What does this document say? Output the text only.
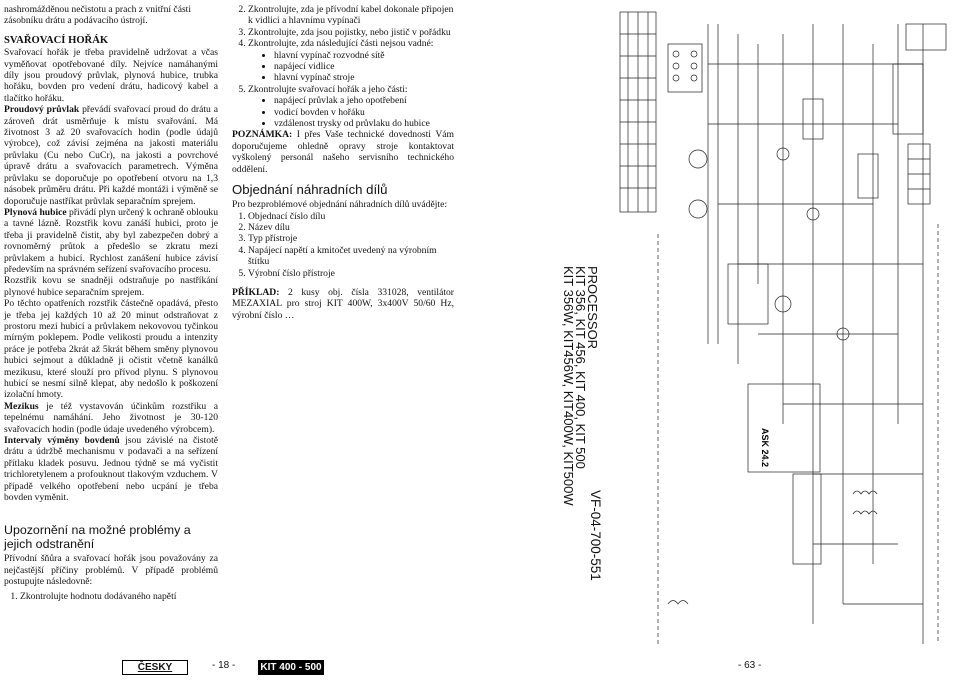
nashromážděnou nečistotu a prach z vnitřní části

zásobníku drátu a podávacího ústrojí.

SVAŘOVACÍ HOŘÁK

Svařovací hořák je třeba pravidelně udržovat a včas vyměňovat opotřebované díly. Nejvíce namáhanými díly jsou proudový průvlak, plynová hubice, trubka hořáku, bovden pro vedení drátu, hadicový kabel a tlačítko hořáku.

Proudový průvlak převádí svařovací proud do drátu a zároveň drát usměrňuje k místu svařování. Má životnost 3 až 20 svařovacích hodin (podle údajů výrobce), což závisí zejména na jakosti materiálu průvlaku (Cu nebo CuCr), na jakosti a povrchové úpravě drátu a svařovacích parametrech. Výměna průvlaku se doporučuje po opotřebení otvoru na 1,3 násobek průměru drátu. Při každé montáži i výměně se doporučuje nastříkat průvlak separačním sprejem.

Plynová hubice přivádí plyn určený k ochraně oblouku a tavné lázně. Rozstřik kovu zanáší hubici, proto je třeba ji pravidelně čistit, aby byl zabezpečen dobrý a rovnoměrný průtok a předešlo se zkratu mezi průvlakem a hubicí. Rychlost zanášení hubice závisí především na správném seřízení svařovacího procesu.

Rozstřik kovu se snadněji odstraňuje po nastříkání plynové hubice separačním sprejem.

Po těchto opatřeních rozstřik částečně opadává, přesto je třeba jej každých 10 až 20 minut odstraňovat z prostoru mezi hubicí a průvlakem nekovovou tyčinkou mírným poklepem. Podle velikosti proudu a intenzity práce je potřeba 2krát až 5krát během směny plynovou hubici sejmout a důkladně ji očistit včetně kanálků mezikusu, které slouží pro přívod plynu. S plynovou hubicí se nesmí silně klepat, aby nedošlo k poškození izolační hmoty.

Mezikus je též vystavován účinkům rozstřiku a tepelnému namáhání. Jeho životnost je 30-120 svařovacích hodin (podle údaje uvedeného výrobcem).

Intervaly výměny bovdenů jsou závislé na čistotě drátu a údržbě mechanismu v podavači a na seřízení přítlaku kladek posuvu. Jednou týdně se má vyčistit trichloretylenem a profouknout tlakovým vzduchem. V případě velkého opotřebení nebo ucpání je třeba bovden vyměnit.

Upozornění na možné problémy a jejich odstranění

Přívodní šňůra a svařovací hořák jsou považovány za nejčastější příčiny problémů. V případě problémů postupujte následovně:

1. Zkontrolujte hodnotu dodávaného napětí
2. Zkontrolujte, zda je přívodní kabel dokonale připojen k vidlici a hlavnímu vypínači
3. Zkontrolujte, zda jsou pojistky, nebo jistič v pořádku
4. Zkontrolujte, zda následující části nejsou vadné:
• hlavní vypínač rozvodné sítě
• napájecí vidlice
• hlavní vypínač stroje
5. Zkontrolujte svařovací hořák a jeho části:
• napájecí průvlak a jeho opotřebení
• vodicí bovden v hořáku
• vzdálenost trysky od průvlaku do hubice

POZNÁMKA: I přes Vaše technické dovednosti Vám doporučujeme ohledně opravy stroje kontaktovat vyškolený personál našeho servisního technického oddělení.

Objednání náhradních dílů

Pro bezproblémové objednání náhradních dílů uvádějte:

1. Objednací číslo dílu
2. Název dílu
3. Typ přístroje
4. Napájecí napětí a kmitočet uvedený na výrobním štítku
5. Výrobní číslo přístroje

PŘÍKLAD: 2 kusy obj. čísla 331028, ventilátor MEZAXIAL pro stroj KIT 400W, 3x400V 50/60 Hz, výrobní číslo …	PROCESSOR
KIT 356, KIT 456, KIT 400, KIT 500
KIT 356W, KIT456W, KIT400W, KIT500W	ASK 24.2
VF-04-700-551
ČESKY	- 18 -	KIT 400 - 500	- 63 -
